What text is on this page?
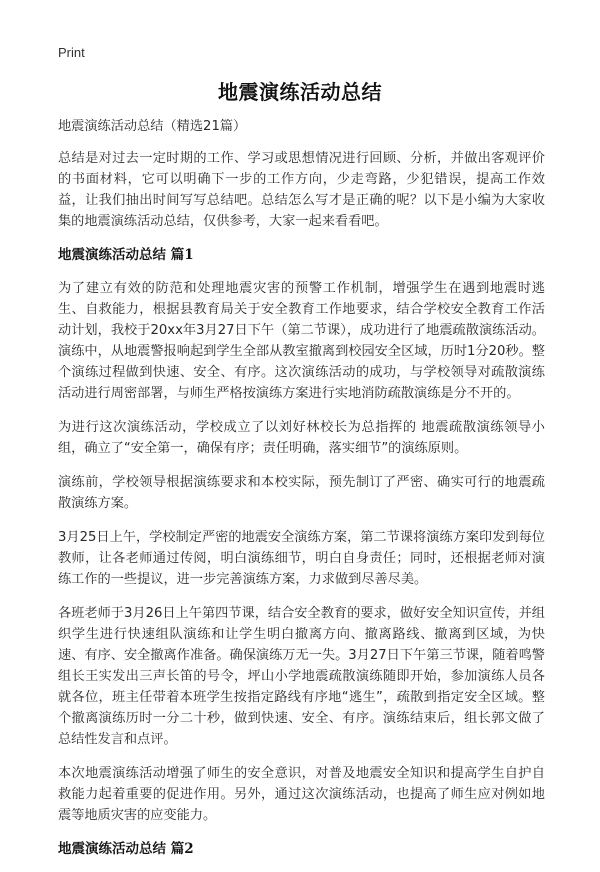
Print
地震演练活动总结

地震演练活动总结（精选21篇）

总结是对过去一定时期的工作、学习或思想情况进行回顾、分析，并做出客观评价的书面材料，它可以明确下一步的工作方向，少走弯路，少犯错误，提高工作效益，让我们抽出时间写写总结吧。总结怎么写才是正确的呢？以下是小编为大家收集的地震演练活动总结，仅供参考，大家一起来看看吧。

地震演练活动总结 篇1

为了建立有效的防范和处理地震灾害的预警工作机制，增强学生在遇到地震时逃生、自救能力，根据县教育局关于安全教育工作地要求，结合学校安全教育工作活动计划，我校于20xx年3月27日下午（第二节课），成功进行了地震疏散演练活动。演练中，从地震警报响起到学生全部从教室撤离到校园安全区域，历时1分20秒。整个演练过程做到快速、安全、有序。这次演练活动的成功，与学校领导对疏散演练活动进行周密部署，与师生严格按演练方案进行实地消防疏散演练是分不开的。

为进行这次演练活动，学校成立了以刘好林校长为总指挥的 地震疏散演练领导小组，确立了“安全第一，确保有序；责任明确，落实细节”的演练原则。

演练前，学校领导根据演练要求和本校实际，预先制订了严密、确实可行的地震疏散演练方案。

3月25日上午，学校制定严密的地震安全演练方案，第二节课将演练方案印发到每位教师，让各老师通过传阅，明白演练细节，明白自身责任；同时，还根据老师对演练工作的一些提议，进一步完善演练方案，力求做到尽善尽美。

各班老师于3月26日上午第四节课，结合安全教育的要求，做好安全知识宣传，并组织学生进行快速组队演练和让学生明白撤离方向、撤离路线、撤离到区域，为快速、有序、安全撤离作准备。确保演练万无一失。3月27日下午第三节课，随着鸣警组长王实发出三声长笛的号令，坪山小学地震疏散演练随即开始，参加演练人员各就各位，班主任带着本班学生按指定路线有序地“逃生”，疏散到指定安全区域。整个撤离演练历时一分二十秒，做到快速、安全、有序。演练结束后，组长郭文做了总结性发言和点评。

本次地震演练活动增强了师生的安全意识，对普及地震安全知识和提高学生自护自救能力起着重要的促进作用。另外，通过这次演练活动，也提高了师生应对例如地震等地质灾害的应变能力。

地震演练活动总结 篇2
